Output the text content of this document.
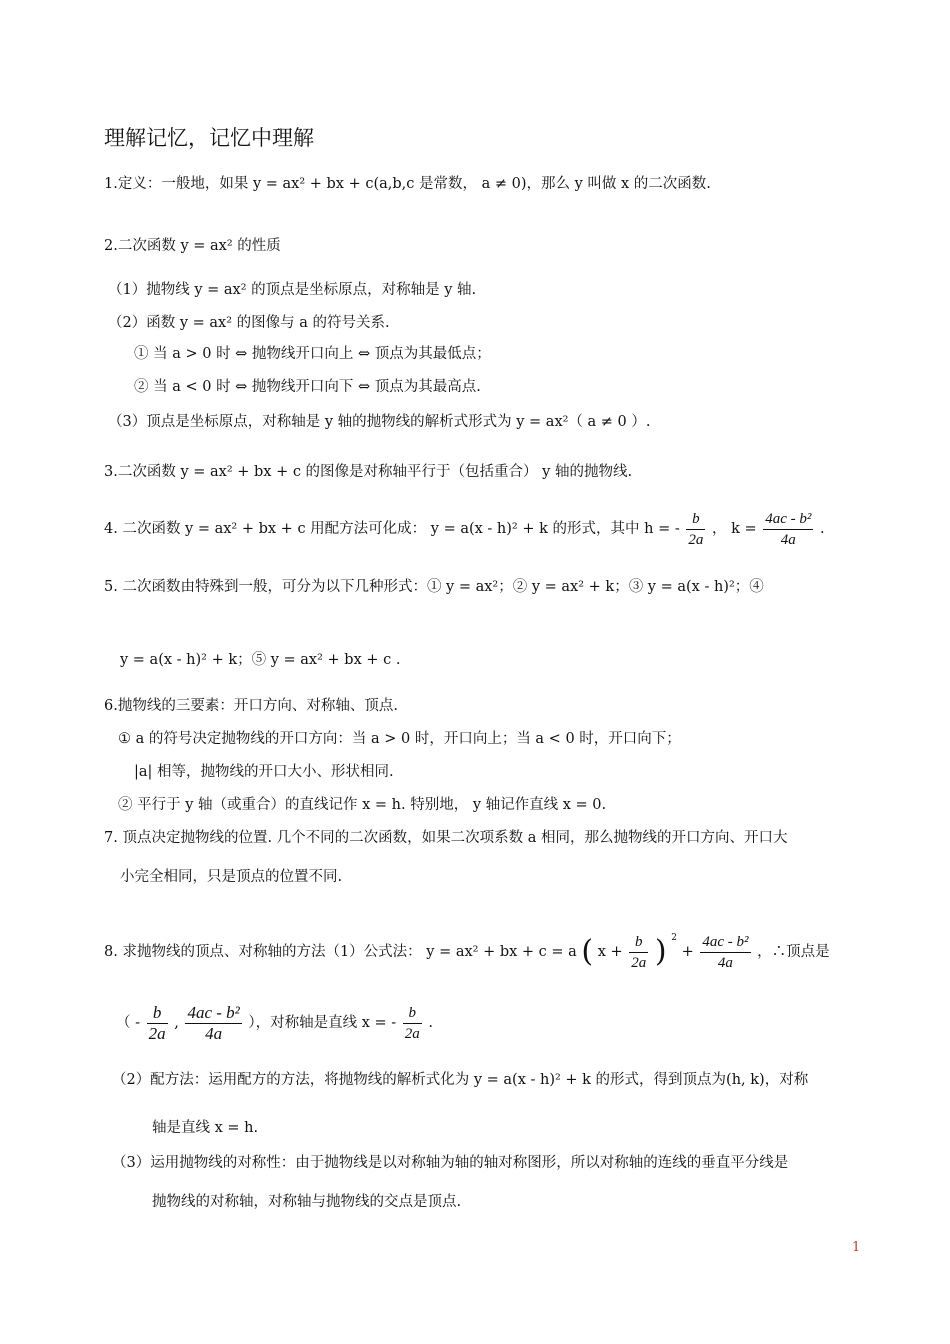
理解记忆，记忆中理解
1.定义：一般地，如果 y = ax² + bx + c(a,b,c 是常数， a ≠ 0)，那么 y 叫做 x 的二次函数.
2.二次函数 y = ax² 的性质
（1）抛物线 y = ax² 的顶点是坐标原点，对称轴是 y 轴.
（2）函数 y = ax² 的图像与 a 的符号关系.
① 当 a > 0 时 ⇔ 抛物线开口向上 ⇔ 顶点为其最低点；
② 当 a < 0 时 ⇔ 抛物线开口向下 ⇔ 顶点为其最高点.
（3）顶点是坐标原点，对称轴是 y 轴的抛物线的解析式形式为 y = ax²（ a ≠ 0 ）.
3.二次函数 y = ax² + bx + c 的图像是对称轴平行于（包括重合） y 轴的抛物线.
4. 二次函数 y = ax² + bx + c 用配方法可化成： y = a(x - h)² + k 的形式，其中 h = - $\frac{b}{2a}$ ， $k = \frac{\text{4ac - b²}}{4a}$ .
5. 二次函数由特殊到一般，可分为以下几种形式：① y = ax²；② y = ax² + k；③ y = a(x - h)²；④
y = a(x - h)² + k；⑤ y = ax² + bx + c .
6.抛物线的三要素：开口方向、对称轴、顶点.
① a 的符号决定抛物线的开口方向：当 a > 0 时，开口向上；当 a < 0 时，开口向下；
|a| 相等，抛物线的开口大小、形状相同.
② 平行于 y 轴（或重合）的直线记作 x = h. 特别地， y 轴记作直线 x = 0.
7. 顶点决定抛物线的位置. 几个不同的二次函数，如果二次项系数 a 相同，那么抛物线的开口方向、开口大
小完全相同，只是顶点的位置不同.
8. 求抛物线的顶点、对称轴的方法（1）公式法： y = ax² + bx + c = a ( $x + \frac{b}{2a}$ ) $^2 + \frac{\text{4ac - b²}}{4a}$ ，∴顶点是
（ - $\frac{b}{2a}$ , $\frac{\text{4ac - b²}}{4a}$ ），对称轴是直线 x = - $\frac{b}{2a}$ .
（2）配方法：运用配方的方法，将抛物线的解析式化为 y = a(x - h)² + k 的形式，得到顶点为(h, k)，对称
轴是直线 x = h.
（3）运用抛物线的对称性：由于抛物线是以对称轴为轴的轴对称图形，所以对称轴的连线的垂直平分线是
抛物线的对称轴，对称轴与抛物线的交点是顶点.
1
